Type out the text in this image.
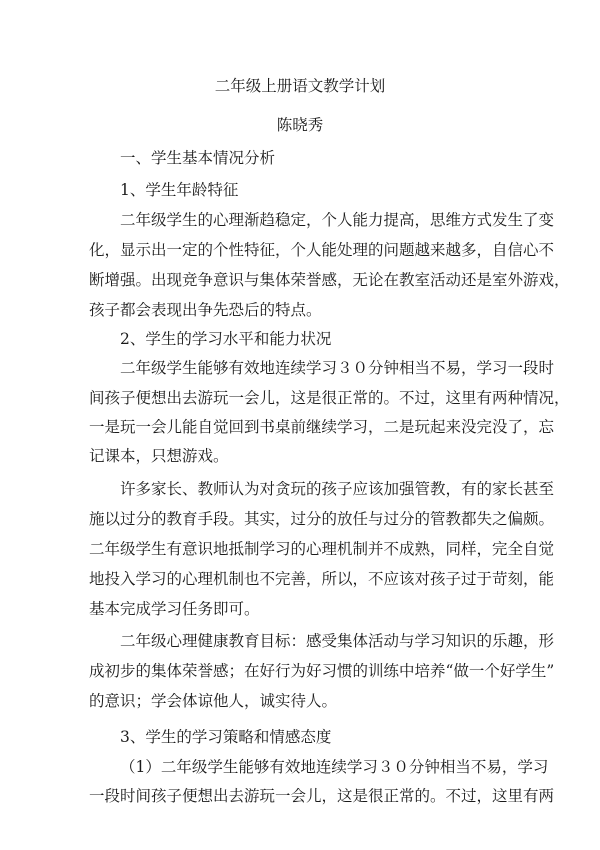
二年级上册语文教学计划
陈晓秀
一、学生基本情况分析
1、学生年龄特征
二年级学生的心理渐趋稳定，个人能力提高，思维方式发生了变
化，显示出一定的个性特征，个人能处理的问题越来越多，自信心不
断增强。出现竞争意识与集体荣誉感，无论在教室活动还是室外游戏，
孩子都会表现出争先恐后的特点。
2、学生的学习水平和能力状况
二年级学生能够有效地连续学习３０分钟相当不易，学习一段时
间孩子便想出去游玩一会儿，这是很正常的。不过，这里有两种情况，
一是玩一会儿能自觉回到书桌前继续学习，二是玩起来没完没了，忘
记课本，只想游戏。
许多家长、教师认为对贪玩的孩子应该加强管教，有的家长甚至
施以过分的教育手段。其实，过分的放任与过分的管教都失之偏颇。
二年级学生有意识地抵制学习的心理机制并不成熟，同样，完全自觉
地投入学习的心理机制也不完善，所以，不应该对孩子过于苛刻，能
基本完成学习任务即可。
二年级心理健康教育目标：感受集体活动与学习知识的乐趣，形
成初步的集体荣誉感；在好行为好习惯的训练中培养“做一个好学生”
的意识；学会体谅他人，诚实待人。
3、学生的学习策略和情感态度
（1）二年级学生能够有效地连续学习３０分钟相当不易，学习
一段时间孩子便想出去游玩一会儿，这是很正常的。不过，这里有两
